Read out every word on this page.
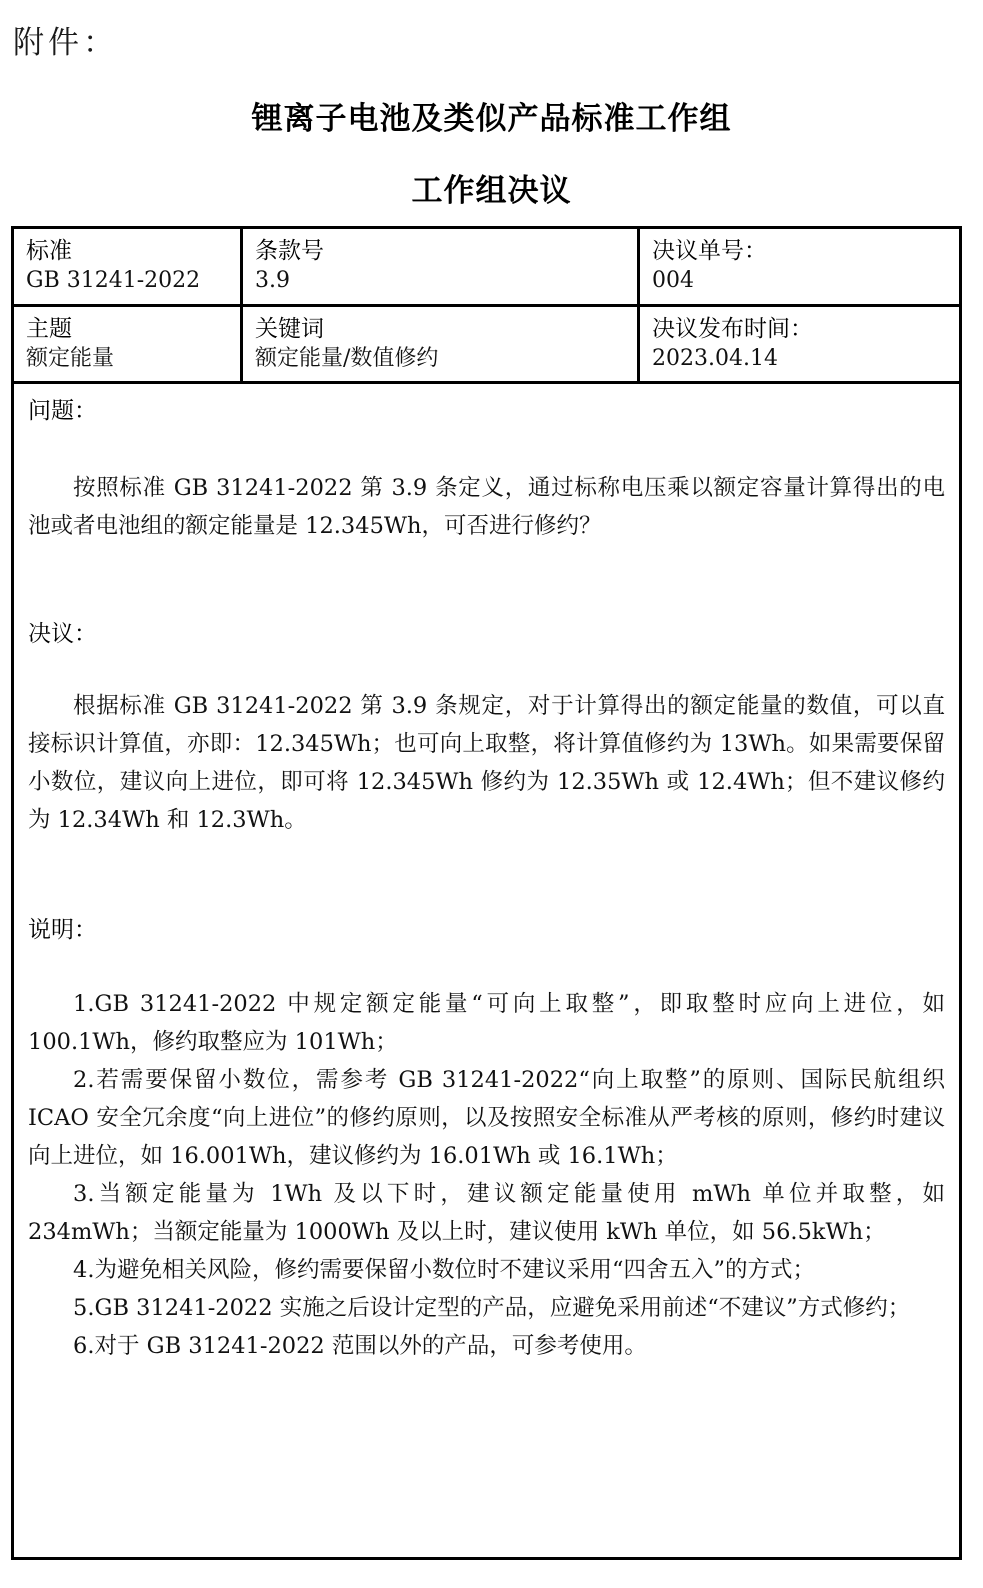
附件：
锂离子电池及类似产品标准工作组
工作组决议
标准
GB 31241-2022
条款号
3.9
决议单号：
004
主题
额定能量
关键词
额定能量/数值修约
决议发布时间：
2023.04.14

问题：

按照标准 GB 31241-2022 第 3.9 条定义，通过标称电压乘以额定容量计算得出的电池或者电池组的额定能量是 12.345Wh，可否进行修约？

决议：

根据标准 GB 31241-2022 第 3.9 条规定，对于计算得出的额定能量的数值，可以直接标识计算值，亦即：12.345Wh；也可向上取整，将计算值修约为 13Wh。如果需要保留小数位，建议向上进位，即可将 12.345Wh 修约为 12.35Wh 或 12.4Wh；但不建议修约为 12.34Wh 和 12.3Wh。

说明：

1.GB 31241-2022 中规定额定能量“可向上取整”，即取整时应向上进位，如 100.1Wh，修约取整应为 101Wh；
2.若需要保留小数位，需参考 GB 31241-2022“向上取整”的原则、国际民航组织 ICAO 安全冗余度“向上进位”的修约原则，以及按照安全标准从严考核的原则，修约时建议向上进位，如 16.001Wh，建议修约为 16.01Wh 或 16.1Wh；
3.当额定能量为 1Wh 及以下时，建议额定能量使用 mWh 单位并取整，如 234mWh；当额定能量为 1000Wh 及以上时，建议使用 kWh 单位，如 56.5kWh；
4.为避免相关风险，修约需要保留小数位时不建议采用“四舍五入”的方式；
5.GB 31241-2022 实施之后设计定型的产品，应避免采用前述“不建议”方式修约；
6.对于 GB 31241-2022 范围以外的产品，可参考使用。
